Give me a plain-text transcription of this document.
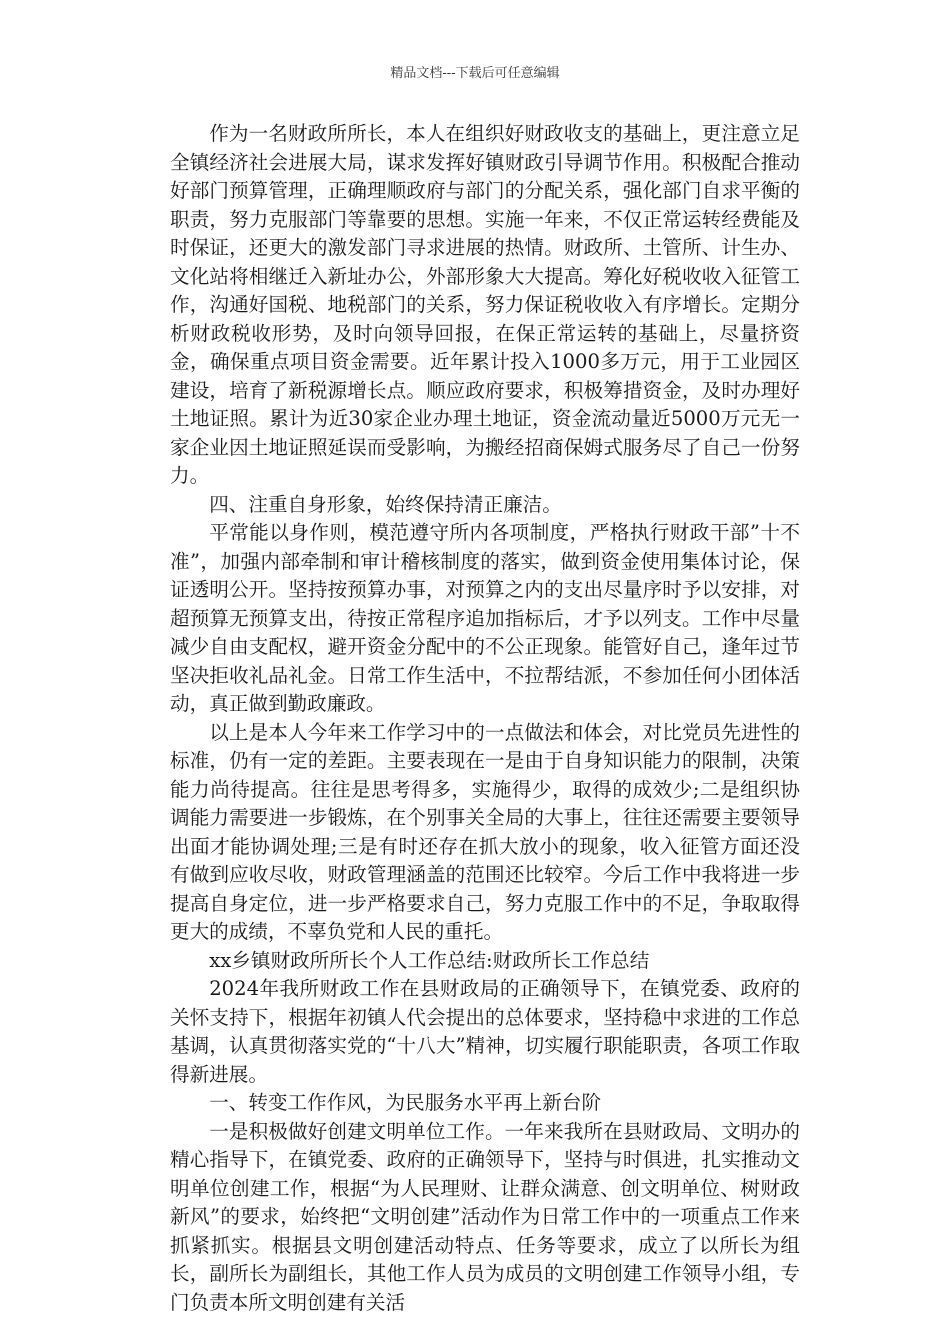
精品文档---下载后可任意编辑

作为一名财政所所长，本人在组织好财政收支的基础上，更注意立足全镇经济社会进展大局，谋求发挥好镇财政引导调节作用。积极配合推动好部门预算管理，正确理顺政府与部门的分配关系，强化部门自求平衡的职责，努力克服部门等靠要的思想。实施一年来，不仅正常运转经费能及时保证，还更大的激发部门寻求进展的热情。财政所、土管所、计生办、文化站将相继迁入新址办公，外部形象大大提高。筹化好税收收入征管工作，沟通好国税、地税部门的关系，努力保证税收收入有序增长。定期分析财政税收形势，及时向领导回报，在保正常运转的基础上，尽量挤资金，确保重点项目资金需要。近年累计投入1000多万元，用于工业园区建设，培育了新税源增长点。顺应政府要求，积极筹措资金，及时办理好土地证照。累计为近30家企业办理土地证，资金流动量近5000万元无一家企业因土地证照延误而受影响，为搬经招商保姆式服务尽了自己一份努力。

四、注重自身形象，始终保持清正廉洁。

平常能以身作则，模范遵守所内各项制度，严格执行财政干部”十不准”，加强内部牵制和审计稽核制度的落实，做到资金使用集体讨论，保证透明公开。坚持按预算办事，对预算之内的支出尽量序时予以安排，对超预算无预算支出，待按正常程序追加指标后，才予以列支。工作中尽量减少自由支配权，避开资金分配中的不公正现象。能管好自己，逢年过节坚决拒收礼品礼金。日常工作生活中，不拉帮结派，不参加任何小团体活动，真正做到勤政廉政。

以上是本人今年来工作学习中的一点做法和体会，对比党员先进性的标准，仍有一定的差距。主要表现在一是由于自身知识能力的限制，决策能力尚待提高。往往是思考得多，实施得少，取得的成效少;二是组织协调能力需要进一步锻炼，在个别事关全局的大事上，往往还需要主要领导出面才能协调处理;三是有时还存在抓大放小的现象，收入征管方面还没有做到应收尽收，财政管理涵盖的范围还比较窄。今后工作中我将进一步提高自身定位，进一步严格要求自己，努力克服工作中的不足，争取取得更大的成绩，不辜负党和人民的重托。

xx乡镇财政所所长个人工作总结:财政所长工作总结

2024年我所财政工作在县财政局的正确领导下，在镇党委、政府的关怀支持下，根据年初镇人代会提出的总体要求，坚持稳中求进的工作总基调，认真贯彻落实党的“十八大”精神，切实履行职能职责，各项工作取得新进展。

一、转变工作作风，为民服务水平再上新台阶

一是积极做好创建文明单位工作。一年来我所在县财政局、文明办的精心指导下，在镇党委、政府的正确领导下，坚持与时俱进，扎实推动文明单位创建工作，根据“为人民理财、让群众满意、创文明单位、树财政新风”的要求，始终把“文明创建”活动作为日常工作中的一项重点工作来抓紧抓实。根据县文明创建活动特点、任务等要求，成立了以所长为组长，副所长为副组长，其他工作人员为成员的文明创建工作领导小组，专门负责本所文明创建有关活
